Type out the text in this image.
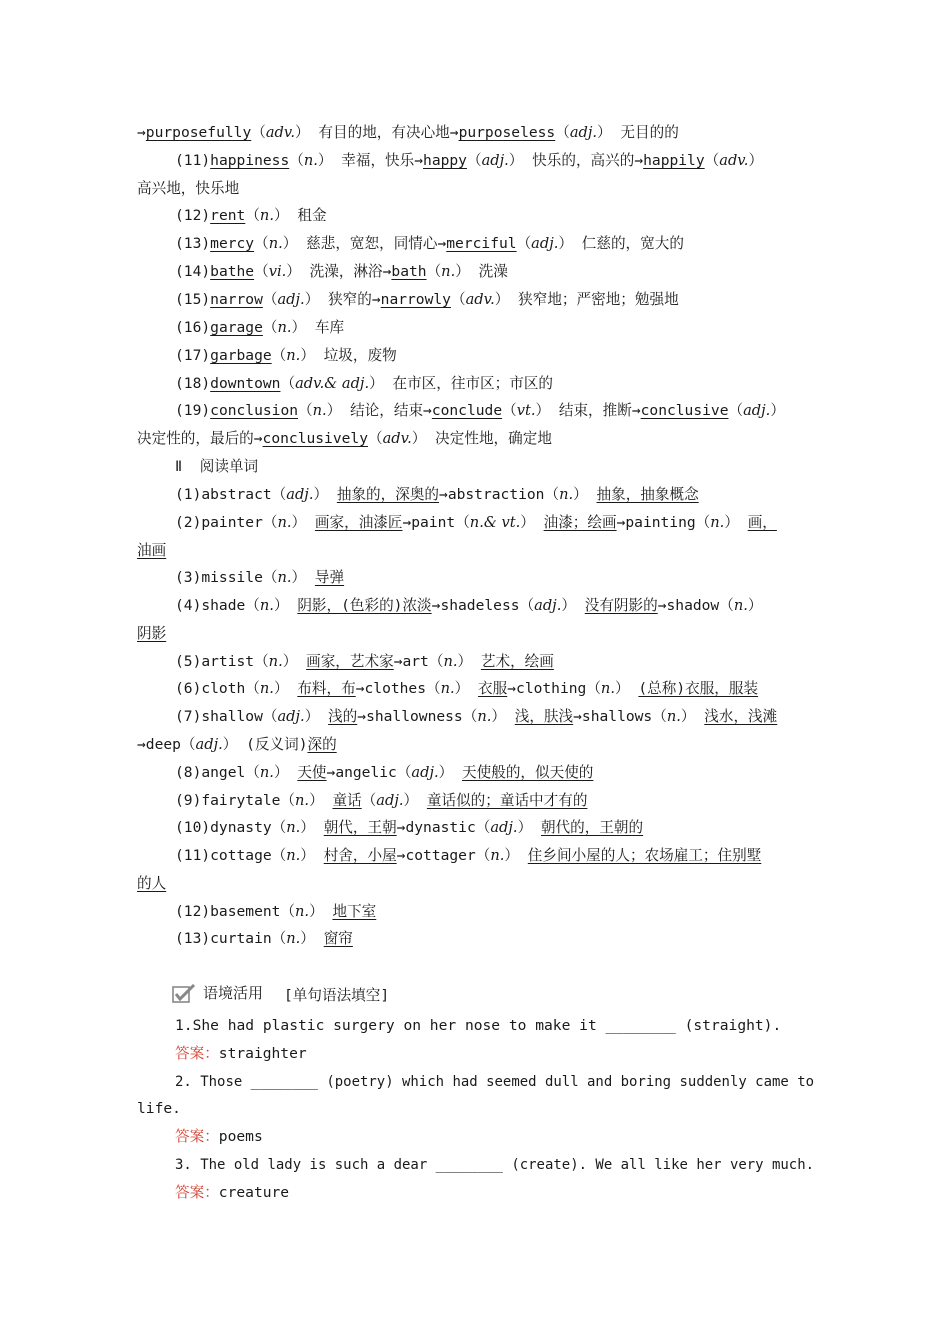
→purposefully（adv.） 有目的地，有决心地→purposeless（adj.） 无目的的
(11)happiness（n.） 幸福，快乐→happy（adj.） 快乐的，高兴的→happily（adv.）
高兴地，快乐地
(12)rent（n.） 租金
(13)mercy（n.） 慈悲，宽恕，同情心→merciful（adj.） 仁慈的，宽大的
(14)bathe（vi.） 洗澡，淋浴→bath（n.） 洗澡
(15)narrow（adj.） 狭窄的→narrowly（adv.） 狭窄地；严密地；勉强地
(16)garage（n.） 车库
(17)garbage（n.） 垃圾，废物
(18)downtown（adv.& adj.） 在市区，往市区；市区的
(19)conclusion（n.） 结论，结束→conclude（vt.） 结束，推断→conclusive（adj.）
决定性的，最后的→conclusively（adv.） 决定性地，确定地
Ⅱ  阅读单词
(1)abstract（adj.） 抽象的，深奥的→abstraction（n.） 抽象，抽象概念
(2)painter（n.） 画家，油漆匠→paint（n.& vt.） 油漆；绘画→painting（n.） 画，
油画
(3)missile（n.） 导弹
(4)shade（n.） 阴影，(色彩的)浓淡→shadeless（adj.） 没有阴影的→shadow（n.）
阴影
(5)artist（n.） 画家，艺术家→art（n.） 艺术，绘画
(6)cloth（n.） 布料，布→clothes（n.） 衣服→clothing（n.） (总称)衣服，服装
(7)shallow（adj.） 浅的→shallowness（n.） 浅，肤浅→shallows（n.） 浅水，浅滩
→deep（adj.） (反义词)深的
(8)angel（n.） 天使→angelic（adj.） 天使般的，似天使的
(9)fairytale（n.） 童话（adj.） 童话似的；童话中才有的
(10)dynasty（n.） 朝代，王朝→dynastic（adj.） 朝代的，王朝的
(11)cottage（n.） 村舍，小屋→cottager（n.） 住乡间小屋的人；农场雇工；住别墅
的人
(12)basement（n.） 地下室
(13)curtain（n.） 窗帘
语境活用 [单句语法填空]
1.She had plastic surgery on her nose to make it ________ (straight).
答案：straighter
2. Those ________ (poetry) which had seemed dull and boring suddenly came to
life.
答案：poems
3. The old lady is such a dear ________ (create). We all like her very much.
答案：creature
